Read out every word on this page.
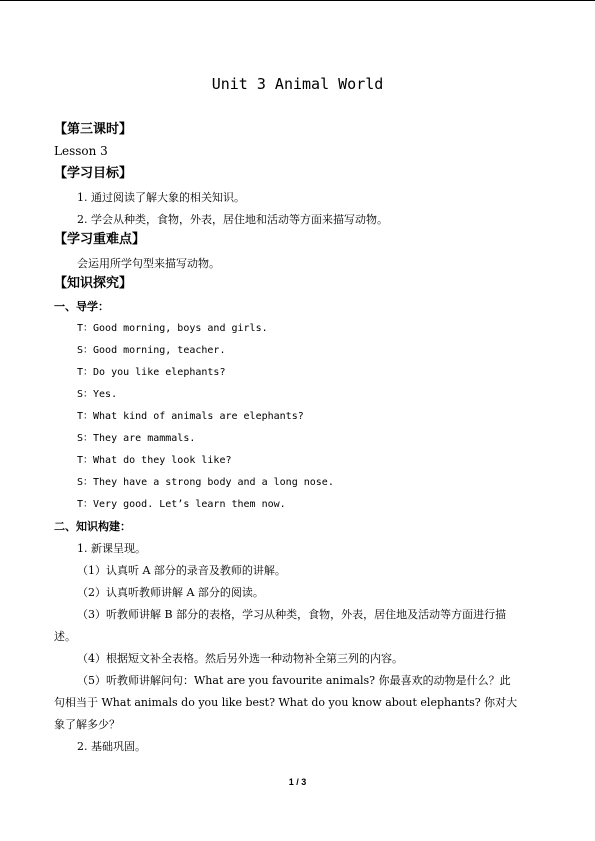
Unit 3 Animal World
【第三课时】
Lesson 3
【学习目标】
1. 通过阅读了解大象的相关知识。
2. 学会从种类，食物，外表，居住地和活动等方面来描写动物。
【学习重难点】
会运用所学句型来描写动物。
【知识探究】
一、导学：
T：Good morning, boys and girls.
S：Good morning, teacher.
T：Do you like elephants?
S：Yes.
T：What kind of animals are elephants?
S：They are mammals.
T：What do they look like?
S：They have a strong body and a long nose.
T：Very good. Let’s learn them now.
二、知识构建：
1. 新课呈现。
（1）认真听 A 部分的录音及教师的讲解。
（2）认真听教师讲解 A 部分的阅读。
（3）听教师讲解 B 部分的表格，学习从种类，食物，外表，居住地及活动等方面进行描
述。
（4）根据短文补全表格。然后另外选一种动物补全第三列的内容。
（5）听教师讲解问句：What are you favourite animals? 你最喜欢的动物是什么？此
句相当于 What animals do you like best? What do you know about elephants? 你对大
象了解多少？
2. 基础巩固。
1 / 3
